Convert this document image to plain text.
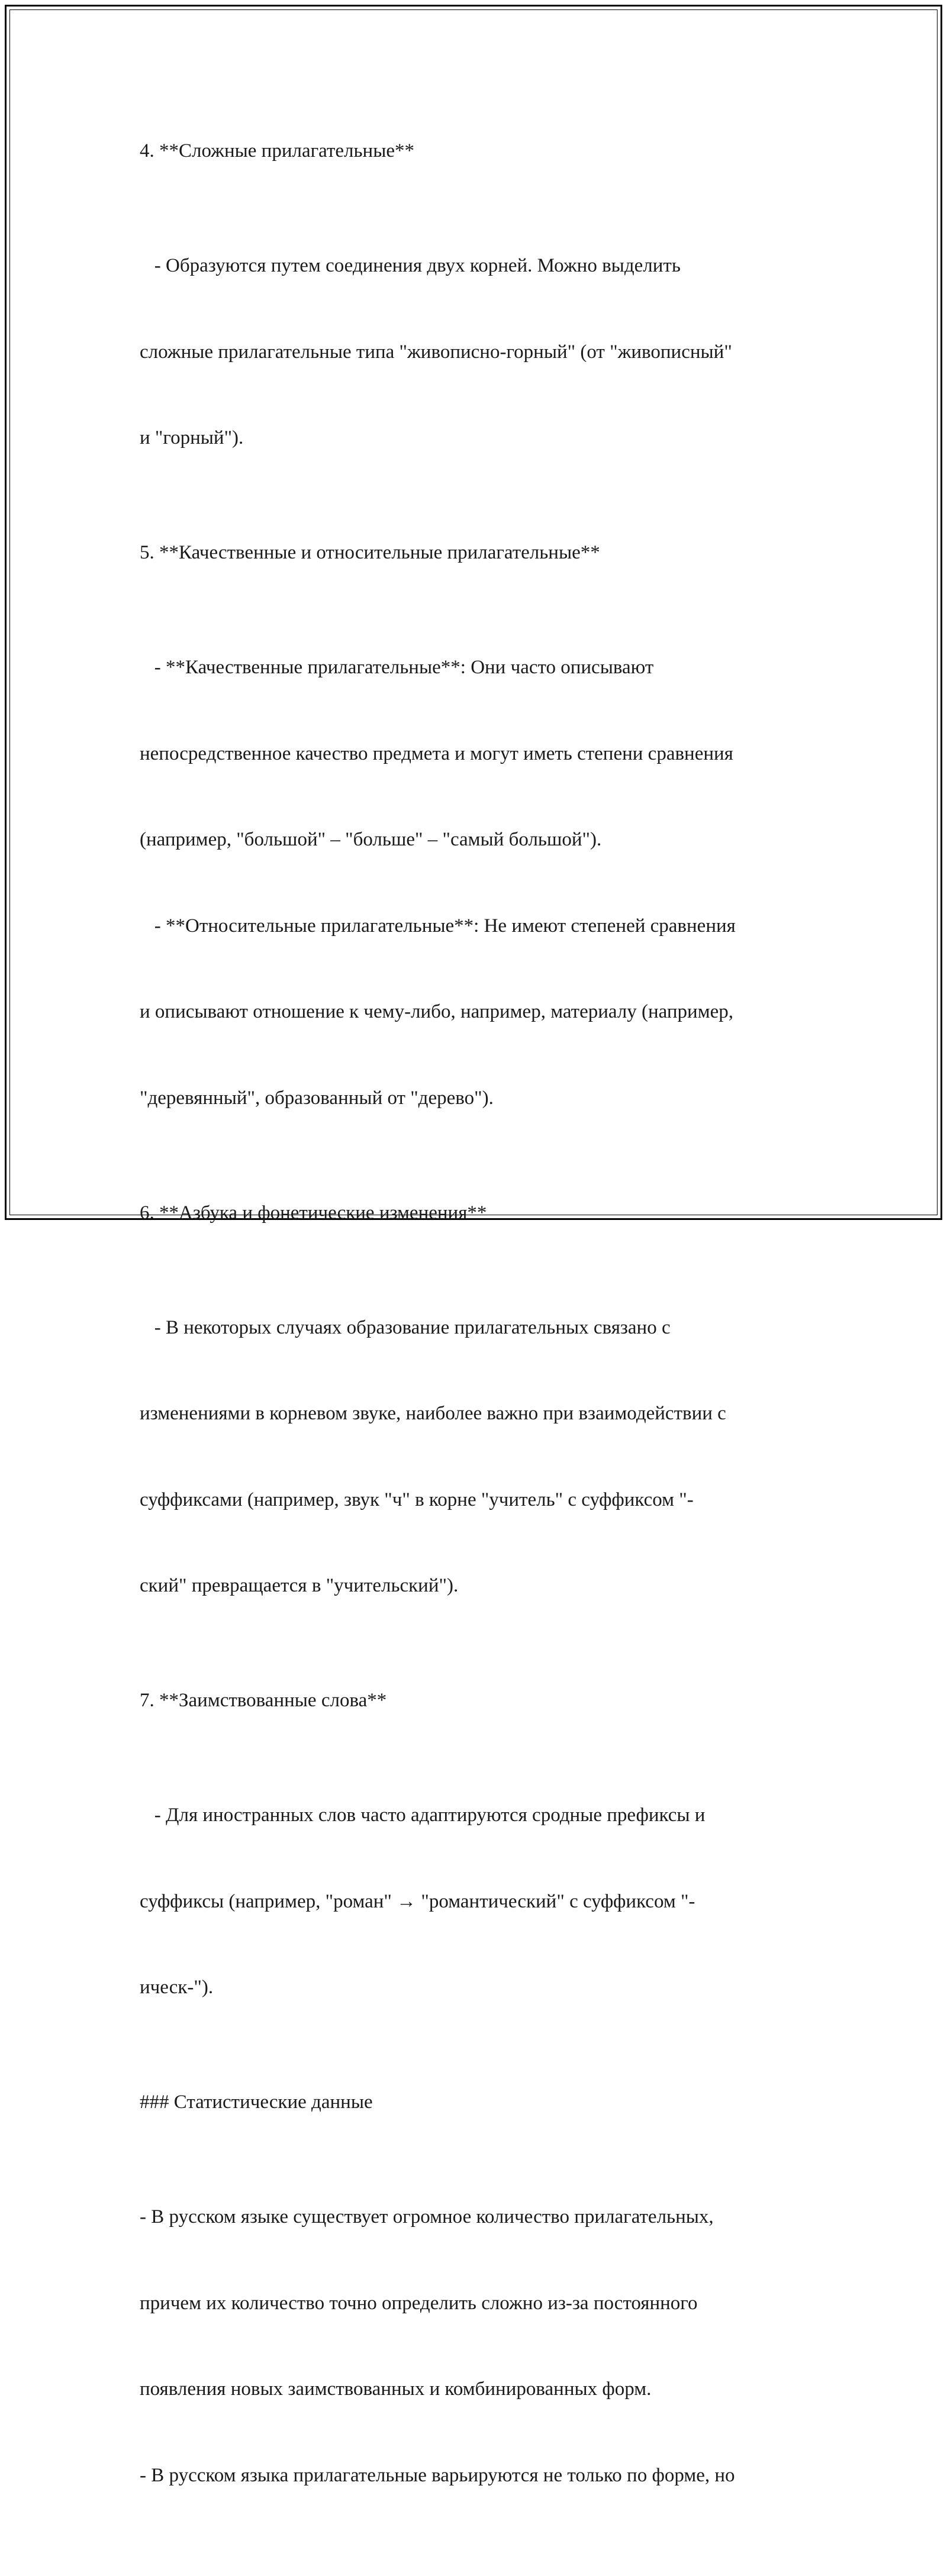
4. **Сложные прилагательные**

- Образуются путем соединения двух корней. Можно выделить

сложные прилагательные типа "живописно-горный" (от "живописный"

и "горный").

5. **Качественные и относительные прилагательные**

- **Качественные прилагательные**: Они часто описывают

непосредственное качество предмета и могут иметь степени сравнения

(например, "большой" – "больше" – "самый большой").

- **Относительные прилагательные**: Не имеют степеней сравнения

и описывают отношение к чему-либо, например, материалу (например,

"деревянный", образованный от "дерево").

6. **Азбука и фонетические изменения**

- В некоторых случаях образование прилагательных связано с

изменениями в корневом звуке, наиболее важно при взаимодействии с

суффиксами (например, звук "ч" в корне "учитель" с суффиксом "-

ский" превращается в "учительский").

7. **Заимствованные слова**

- Для иностранных слов часто адаптируются сродные префиксы и

суффиксы (например, "роман" → "романтический" с суффиксом "-

ическ-").

### Статистические данные

- В русском языке существует огромное количество прилагательных,

причем их количество точно определить сложно из-за постоянного

появления новых заимствованных и комбинированных форм.

- В русском языка прилагательные варьируются не только по форме, но
